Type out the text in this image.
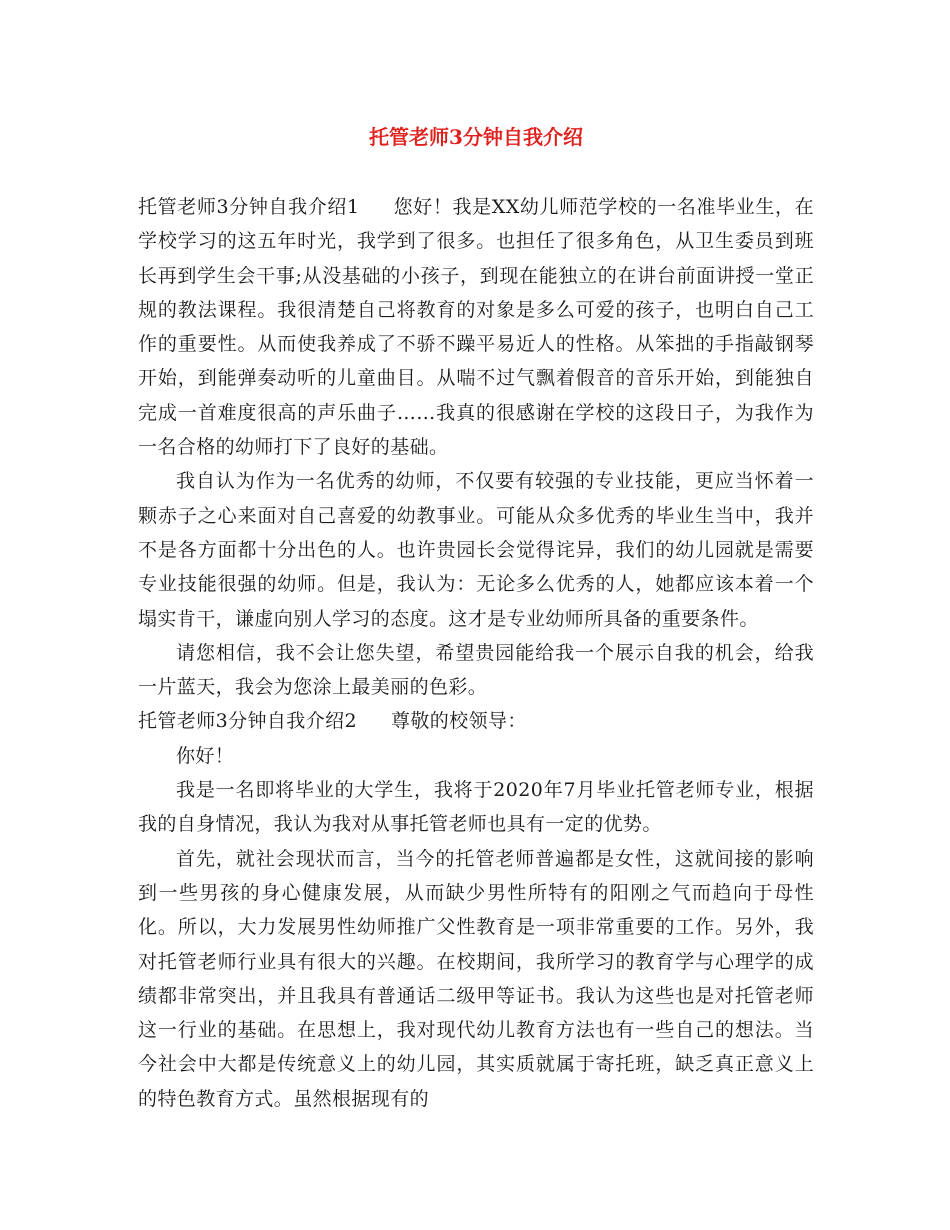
托管老师3分钟自我介绍

托管老师3分钟自我介绍1 您好！我是XX幼儿师范学校的一名准毕业生，在学校学习的这五年时光，我学到了很多。也担任了很多角色，从卫生委员到班长再到学生会干事;从没基础的小孩子，到现在能独立的在讲台前面讲授一堂正规的教法课程。我很清楚自己将教育的对象是多么可爱的孩子，也明白自己工作的重要性。从而使我养成了不骄不躁平易近人的性格。从笨拙的手指敲钢琴开始，到能弹奏动听的儿童曲目。从喘不过气飘着假音的音乐开始，到能独自完成一首难度很高的声乐曲子……我真的很感谢在学校的这段日子，为我作为一名合格的幼师打下了良好的基础。

我自认为作为一名优秀的幼师，不仅要有较强的专业技能，更应当怀着一颗赤子之心来面对自己喜爱的幼教事业。可能从众多优秀的毕业生当中，我并不是各方面都十分出色的人。也许贵园长会觉得诧异，我们的幼儿园就是需要专业技能很强的幼师。但是，我认为：无论多么优秀的人，她都应该本着一个塌实肯干，谦虚向别人学习的态度。这才是专业幼师所具备的重要条件。

请您相信，我不会让您失望，希望贵园能给我一个展示自我的机会，给我一片蓝天，我会为您涂上最美丽的色彩。

托管老师3分钟自我介绍2 尊敬的校领导：

你好！

我是一名即将毕业的大学生，我将于2020年7月毕业托管老师专业，根据我的自身情况，我认为我对从事托管老师也具有一定的优势。

首先，就社会现状而言，当今的托管老师普遍都是女性，这就间接的影响到一些男孩的身心健康发展，从而缺少男性所特有的阳刚之气而趋向于母性化。所以，大力发展男性幼师推广父性教育是一项非常重要的工作。另外，我对托管老师行业具有很大的兴趣。在校期间，我所学习的教育学与心理学的成绩都非常突出，并且我具有普通话二级甲等证书。我认为这些也是对托管老师这一行业的基础。在思想上，我对现代幼儿教育方法也有一些自己的想法。当今社会中大都是传统意义上的幼儿园，其实质就属于寄托班，缺乏真正意义上的特色教育方式。虽然根据现有的
